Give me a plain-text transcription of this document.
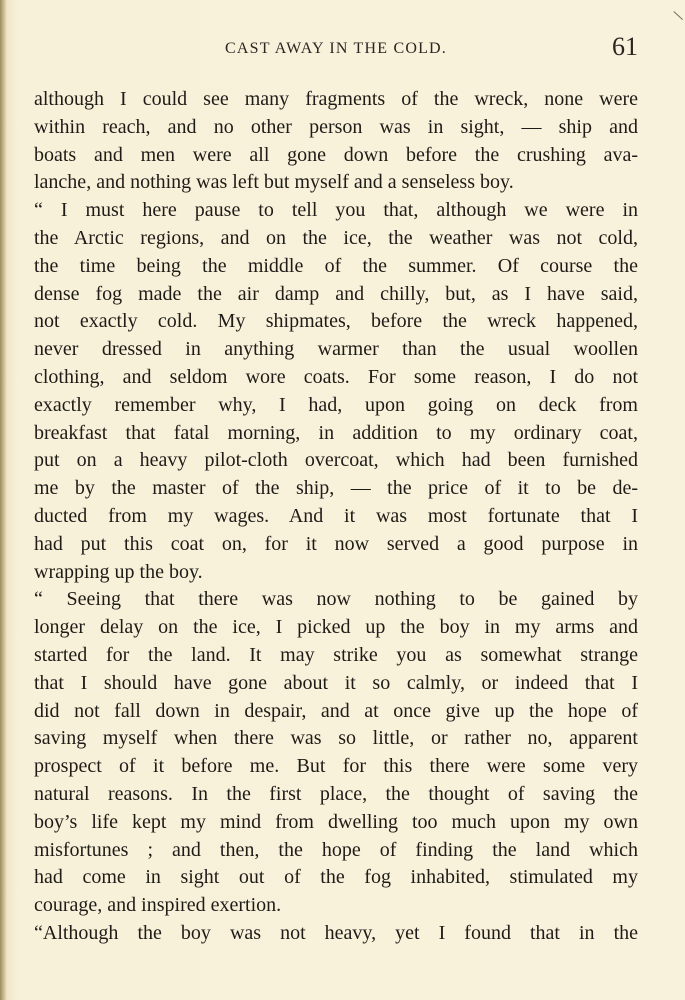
\
CAST AWAY IN THE COLD.	61
although I could see many fragments of the wreck, none were
within reach, and no other person was in sight, — ship and
boats and men were all gone down before the crushing ava-
lanche, and nothing was left but myself and a senseless boy.
“ I must here pause to tell you that, although we were in
the Arctic regions, and on the ice, the weather was not cold,
the time being the middle of the summer. Of course the
dense fog made the air damp and chilly, but, as I have said,
not exactly cold. My shipmates, before the wreck happened,
never dressed in anything warmer than the usual woollen
clothing, and seldom wore coats. For some reason, I do not
exactly remember why, I had, upon going on deck from
breakfast that fatal morning, in addition to my ordinary coat,
put on a heavy pilot-cloth overcoat, which had been furnished
me by the master of the ship, — the price of it to be de-
ducted from my wages. And it was most fortunate that I
had put this coat on, for it now served a good purpose in
wrapping up the boy.
“ Seeing that there was now nothing to be gained by
longer delay on the ice, I picked up the boy in my arms and
started for the land. It may strike you as somewhat strange
that I should have gone about it so calmly, or indeed that I
did not fall down in despair, and at once give up the hope of
saving myself when there was so little, or rather no, apparent
prospect of it before me. But for this there were some very
natural reasons. In the first place, the thought of saving the
boy’s life kept my mind from dwelling too much upon my own
misfortunes ; and then, the hope of finding the land which
had come in sight out of the fog inhabited, stimulated my
courage, and inspired exertion.
“Although the boy was not heavy, yet I found that in the
